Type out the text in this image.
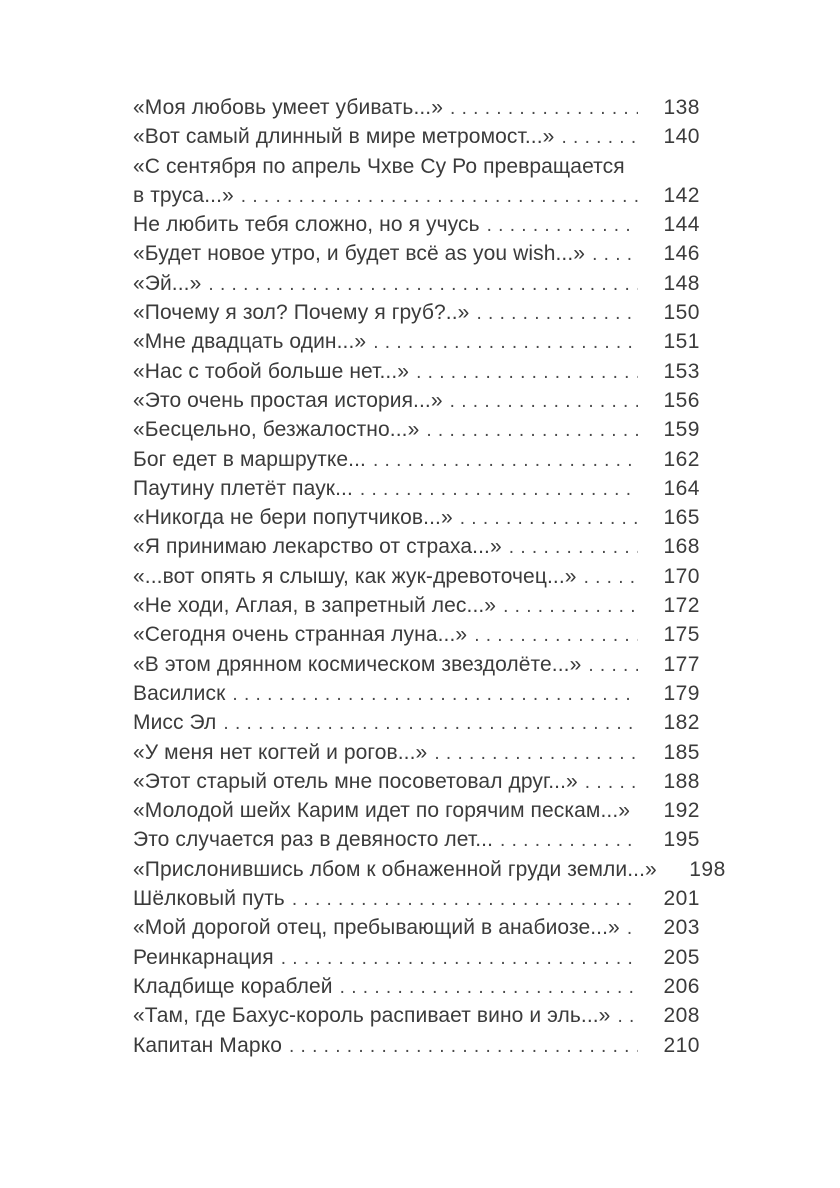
«Моя любовь умеет убивать...» . . .	138
«Вот самый длинный в мире метромост...» . . .	140
«С сентября по апрель Чхве Су Ро превращается
в труса...» . . .	142
Не любить тебя сложно, но я учусь . . .	144
«Будет новое утро, и будет всё as you wish...» . . .	146
«Эй...» . . .	148
«Почему я зол? Почему я груб?..» . . .	150
«Мне двадцать один...» . . .	151
«Нас с тобой больше нет...» . . .	153
«Это очень простая история...» . . .	156
«Бесцельно, безжалостно...» . . .	159
Бог едет в маршрутке... . . .	162
Паутину плетёт паук... . . .	164
«Никогда не бери попутчиков...» . . .	165
«Я принимаю лекарство от страха...» . . .	168
«...вот опять я слышу, как жук-древоточец...» . . .	170
«Не ходи, Аглая, в запретный лес...» . . .	172
«Сегодня очень странная луна...» . . .	175
«В этом дрянном космическом звездолёте...» . . .	177
Василиск . . .	179
Мисс Эл . . .	182
«У меня нет когтей и рогов...» . . .	185
«Этот старый отель мне посоветовал друг...» . . .	188
«Молодой шейх Карим идет по горячим пескам...» . . .	192
Это случается раз в девяносто лет... . . .	195
«Прислонившись лбом к обнаженной груди земли...»	198
Шёлковый путь . . .	201
«Мой дорогой отец, пребывающий в анабиозе...» . . .	203
Реинкарнация . . .	205
Кладбище кораблей . . .	206
«Там, где Бахус-король распивает вино и эль...» . . .	208
Капитан Марко . . .	210
